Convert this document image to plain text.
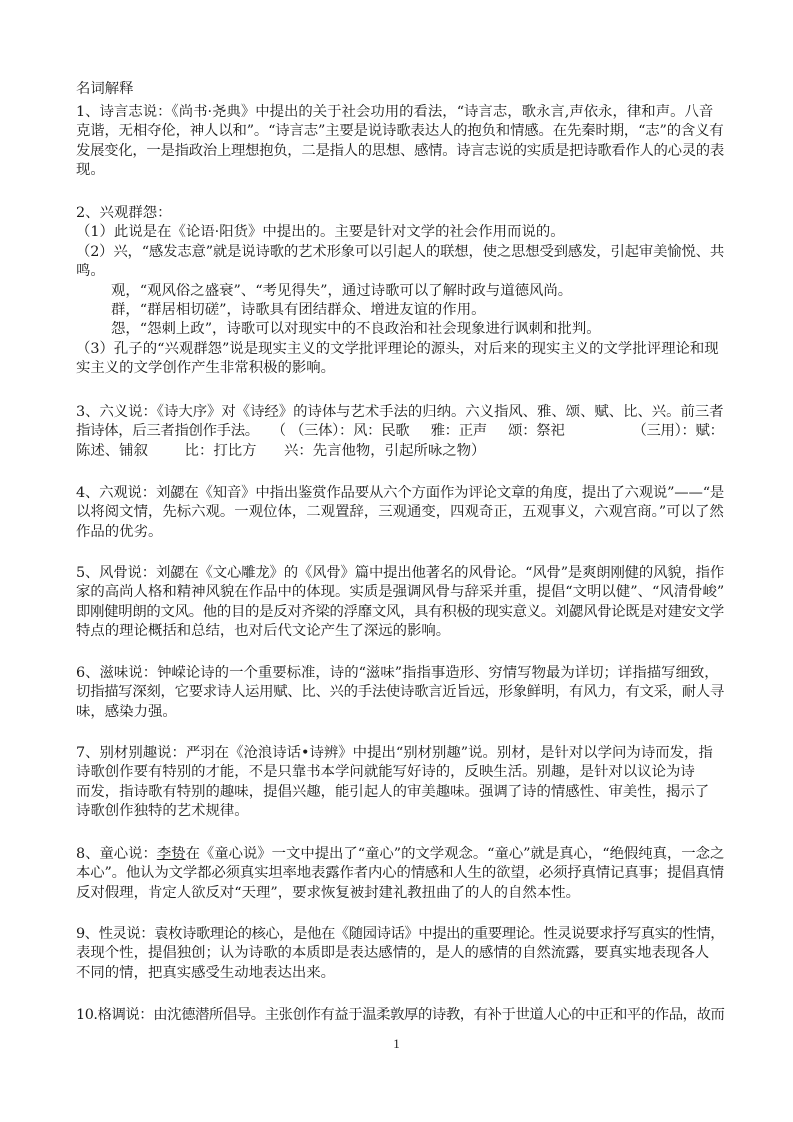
名词解释
1、诗言志说：《尚书·尧典》中提出的关于社会功用的看法，“诗言志，歌永言,声依永，律和声。八音
克谐，无相夺伦，神人以和”。“诗言志”主要是说诗歌表达人的抱负和情感。在先秦时期，“志”的含义有
发展变化，一是指政治上理想抱负，二是指人的思想、感情。诗言志说的实质是把诗歌看作人的心灵的表
现。
2、兴观群怨：
（1）此说是在《论语·阳货》中提出的。主要是针对文学的社会作用而说的。
（2）兴，“感发志意”就是说诗歌的艺术形象可以引起人的联想，使之思想受到感发，引起审美愉悦、共
鸣。
观，“观风俗之盛衰”、“考见得失”，通过诗歌可以了解时政与道德风尚。
群，“群居相切磋”，诗歌具有团结群众、增进友谊的作用。
怨，“怨刺上政”，诗歌可以对现实中的不良政治和社会现象进行讽刺和批判。
（3）孔子的“兴观群怨”说是现实主义的文学批评理论的源头，对后来的现实主义的文学批评理论和现
实主义的文学创作产生非常积极的影响。
3、六义说：《诗大序》对《诗经》的诗体与艺术手法的归纳。六义指风、雅、颂、赋、比、兴。前三者
指诗体，后三者指创作手法。   （ （三体）：风：民歌     雅：正声     颂：祭祀                （三用）：赋：
陈述、铺叙        比：打比方      兴：先言他物，引起所咏之物）
4、六观说：刘勰在《知音》中指出鉴赏作品要从六个方面作为评论文章的角度，提出了六观说”——“是
以将阅文情，先标六观。一观位体，二观置辞，三观通变，四观奇正，五观事义，六观宫商。”可以了然
作品的优劣。
5、风骨说：刘勰在《文心雕龙》的《风骨》篇中提出他著名的风骨论。“风骨”是爽朗刚健的风貌，指作
家的高尚人格和精神风貌在作品中的体现。实质是强调风骨与辞采并重，提倡“文明以健”、“风清骨峻”
即刚健明朗的文风。他的目的是反对齐梁的浮靡文风，具有积极的现实意义。刘勰风骨论既是对建安文学
特点的理论概括和总结，也对后代文论产生了深远的影响。
6、滋味说：钟嵘论诗的一个重要标准，诗的“滋味”指指事造形、穷情写物最为详切；详指描写细致，
切指描写深刻，它要求诗人运用赋、比、兴的手法使诗歌言近旨远，形象鲜明，有风力，有文采，耐人寻
味，感染力强。
7、别材别趣说：严羽在《沧浪诗话•诗辨》中提出“别材别趣”说。别材，是针对以学问为诗而发，指
诗歌创作要有特别的才能，不是只靠书本学问就能写好诗的，反映生活。别趣，是针对以议论为诗
而发，指诗歌有特别的趣味，提倡兴趣，能引起人的审美趣味。强调了诗的情感性、审美性，揭示了
诗歌创作独特的艺术规律。
8、童心说：李贽在《童心说》一文中提出了“童心”的文学观念。“童心”就是真心，“绝假纯真，一念之
本心”。他认为文学都必须真实坦率地表露作者内心的情感和人生的欲望，必须抒真情记真事；提倡真情
反对假理，肯定人欲反对“天理”，要求恢复被封建礼教扭曲了的人的自然本性。
9、性灵说：袁枚诗歌理论的核心，是他在《随园诗话》中提出的重要理论。性灵说要求抒写真实的性情，
表现个性，提倡独创；认为诗歌的本质即是表达感情的，是人的感情的自然流露，要真实地表现各人
不同的情，把真实感受生动地表达出来。
10.格调说：由沈德潜所倡导。主张创作有益于温柔敦厚的诗教，有补于世道人心的中正和平的作品，故而
1
